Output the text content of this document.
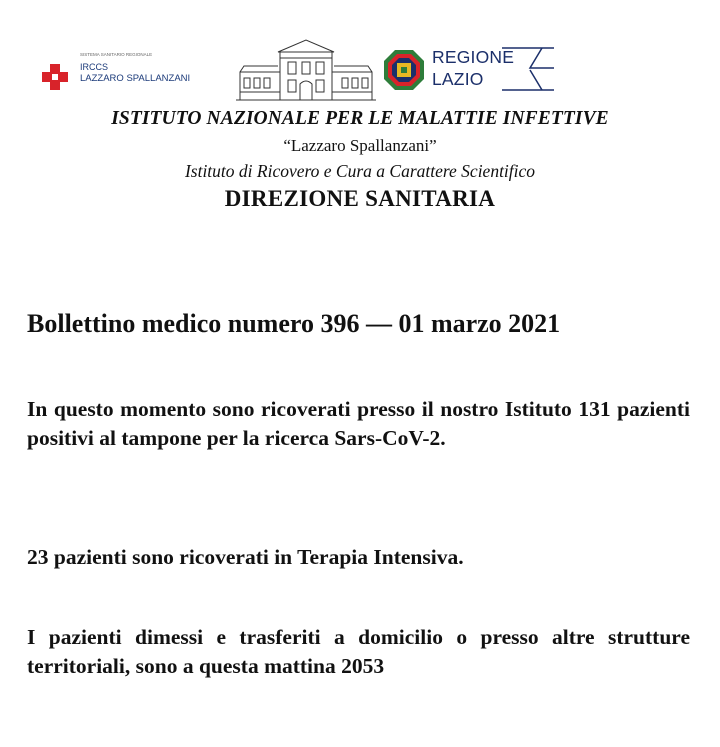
SISTEMA SANITARIO REGIONALE
IRCCS
LAZZARO SPALLANZANI
REGIONE
LAZIO
ISTITUTO NAZIONALE PER LE MALATTIE INFETTIVE
“Lazzaro Spallanzani”
Istituto di Ricovero e Cura a Carattere Scientifico
DIREZIONE SANITARIA
Bollettino medico numero 396 — 01 marzo 2021
In questo momento sono ricoverati presso il nostro Istituto 131 pazienti positivi al tampone per la ricerca Sars-CoV-2.
23 pazienti sono ricoverati in Terapia Intensiva.
I pazienti dimessi e trasferiti a domicilio o presso altre strutture territoriali, sono a questa mattina 2053
